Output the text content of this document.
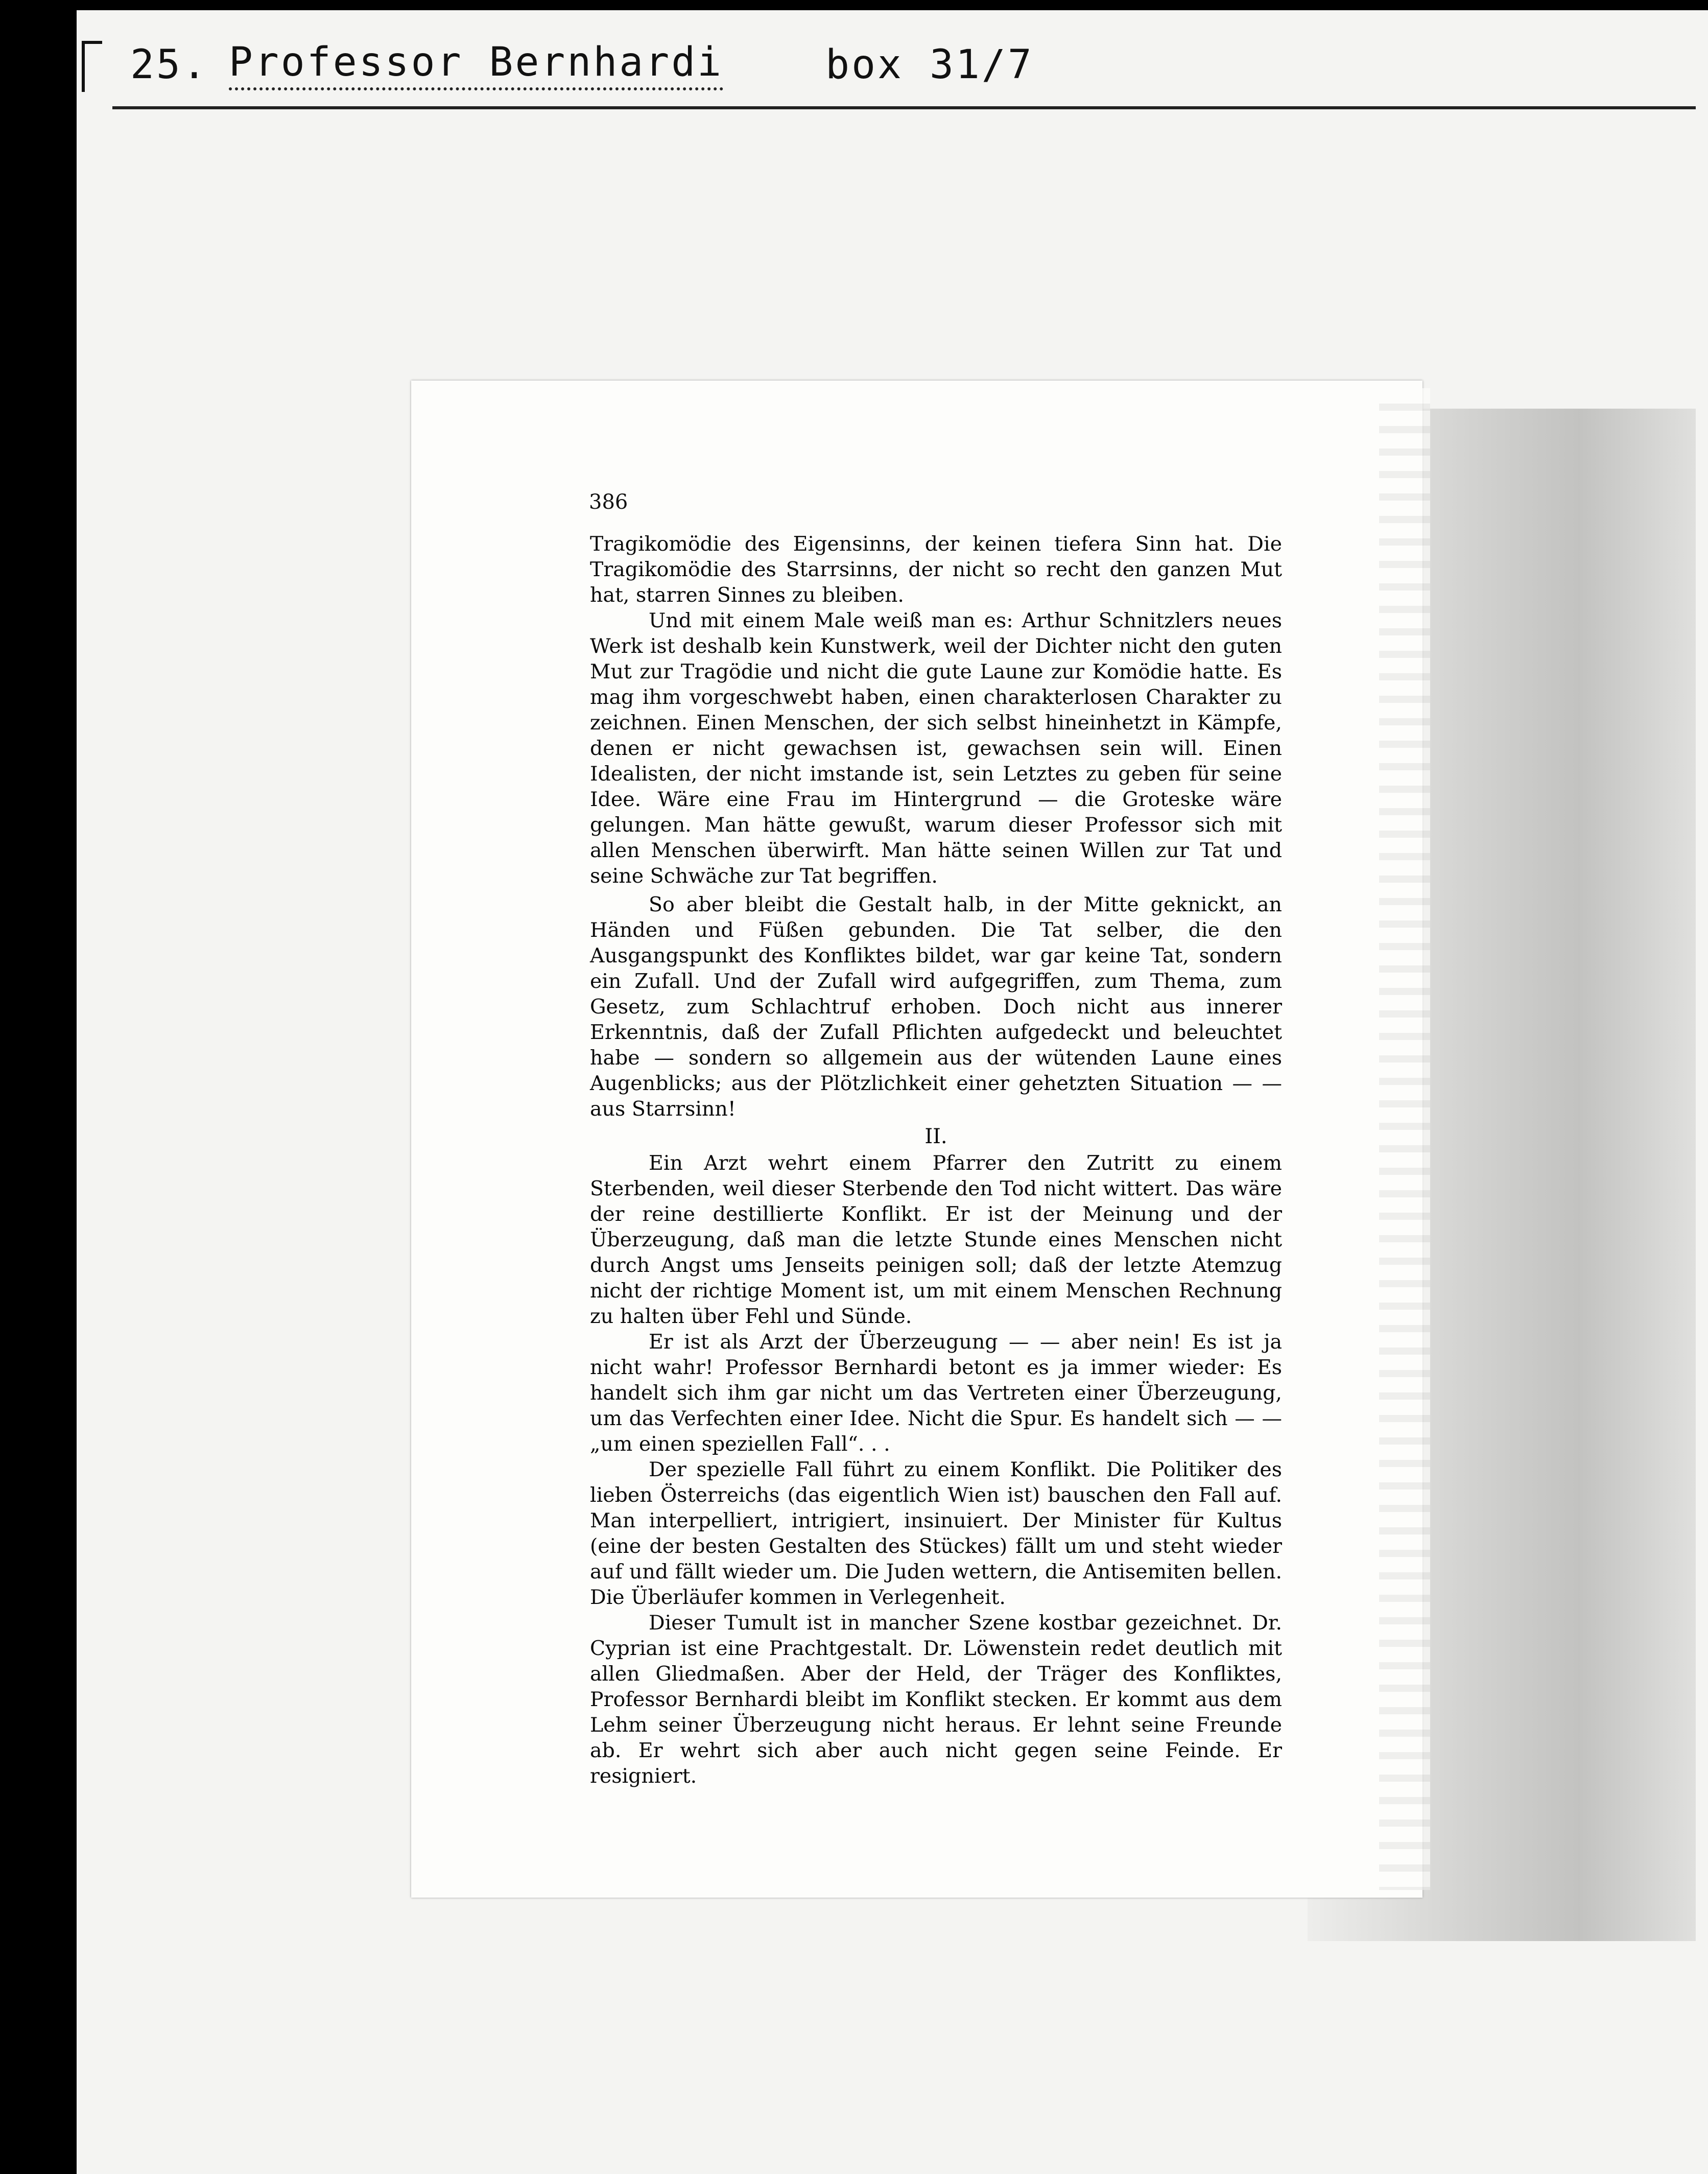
25. Professor Bernhardi	box 31/7
386

Tragikomödie des Eigensinns, der keinen tiefera Sinn hat. Die Tragikomödie des Starrsinns, der nicht so recht den ganzen Mut hat, starren Sinnes zu bleiben.

Und mit einem Male weiß man es: Arthur Schnitzlers neues Werk ist deshalb kein Kunstwerk, weil der Dichter nicht den guten Mut zur Tragödie und nicht die gute Laune zur Komödie hatte. Es mag ihm vorgeschwebt haben, einen charakterlosen Charakter zu zeichnen. Einen Menschen, der sich selbst hineinhetzt in Kämpfe, denen er nicht gewachsen ist, gewachsen sein will. Einen Idealisten, der nicht imstande ist, sein Letztes zu geben für seine Idee. Wäre eine Frau im Hintergrund — die Groteske wäre gelungen. Man hätte gewußt, warum dieser Professor sich mit allen Menschen überwirft. Man hätte seinen Willen zur Tat und seine Schwäche zur Tat begriffen.

So aber bleibt die Gestalt halb, in der Mitte geknickt, an Händen und Füßen gebunden. Die Tat selber, die den Ausgangspunkt des Konfliktes bildet, war gar keine Tat, sondern ein Zufall. Und der Zufall wird aufgegriffen, zum Thema, zum Gesetz, zum Schlachtruf erhoben. Doch nicht aus innerer Erkenntnis, daß der Zufall Pflichten aufgedeckt und beleuchtet habe — sondern so allgemein aus der wütenden Laune eines Augenblicks; aus der Plötzlichkeit einer gehetzten Situation — — aus Starrsinn!

II.

Ein Arzt wehrt einem Pfarrer den Zutritt zu einem Sterbenden, weil dieser Sterbende den Tod nicht wittert. Das wäre der reine destillierte Konflikt. Er ist der Meinung und der Überzeugung, daß man die letzte Stunde eines Menschen nicht durch Angst ums Jenseits peinigen soll; daß der letzte Atemzug nicht der richtige Moment ist, um mit einem Menschen Rechnung zu halten über Fehl und Sünde.

Er ist als Arzt der Überzeugung — — aber nein! Es ist ja nicht wahr! Professor Bernhardi betont es ja immer wieder: Es handelt sich ihm gar nicht um das Vertreten einer Überzeugung, um das Verfechten einer Idee. Nicht die Spur. Es handelt sich — — „um einen speziellen Fall“. . .

Der spezielle Fall führt zu einem Konflikt. Die Politiker des lieben Österreichs (das eigentlich Wien ist) bauschen den Fall auf. Man interpelliert, intrigiert, insinuiert. Der Minister für Kultus (eine der besten Gestalten des Stückes) fällt um und steht wieder auf und fällt wieder um. Die Juden wettern, die Antisemiten bellen. Die Überläufer kommen in Verlegenheit.

Dieser Tumult ist in mancher Szene kostbar gezeichnet. Dr. Cyprian ist eine Prachtgestalt. Dr. Löwenstein redet deutlich mit allen Gliedmaßen. Aber der Held, der Träger des Konfliktes, Professor Bernhardi bleibt im Konflikt stecken. Er kommt aus dem Lehm seiner Überzeugung nicht heraus. Er lehnt seine Freunde ab. Er wehrt sich aber auch nicht gegen seine Feinde. Er resigniert.
